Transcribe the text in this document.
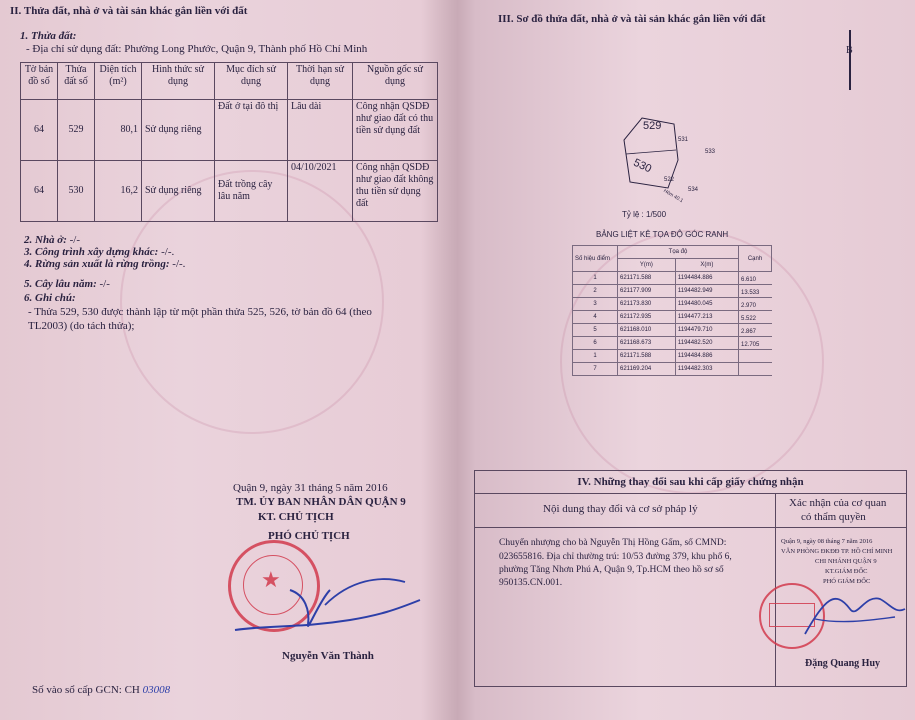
II. Thửa đất, nhà ở và tài sản khác gắn liền với đất
1. Thửa đất:
- Địa chỉ sử dụng đất: Phường Long Phước, Quận 9, Thành phố Hồ Chí Minh
Tờ bản đồ số	Thửa đất số	Diện tích (m²)	Hình thức sử dụng	Mục đích sử dụng	Thời hạn sử dụng	Nguồn gốc sử dụng
64	529	80,1	Sử dụng riêng	Đất ở tại đô thị	Lâu dài	Công nhận QSDĐ như giao đất có thu tiền sử dụng đất
64	530	16,2	Sử dụng riêng	Đất trồng cây lâu năm	04/10/2021	Công nhận QSDĐ như giao đất không thu tiền sử dụng đất
2. Nhà ở: -/-
3. Công trình xây dựng khác: -/-.
4. Rừng sản xuất là rừng trồng: -/-.
5. Cây lâu năm: -/-
6. Ghi chú:
- Thửa 529, 530 được thành lập từ một phần thửa 525, 526, tờ bản đồ 64 (theo
TL2003) (do tách thửa);
Quận 9, ngày 31 tháng 5 năm 2016
TM. ỦY BAN NHÂN DÂN QUẬN 9
KT. CHỦ TỊCH
PHÓ CHỦ TỊCH
★
Nguyễn Văn Thành
Số vào sổ cấp GCN: CH 03008
III. Sơ đồ thửa đất, nhà ở và tài sản khác gắn liền với đất
B
529
530
531
533
522
534
Hẻm 40.1
Tỷ lệ : 1/500
BẢNG LIỆT KÊ TỌA ĐỘ GÓC RANH
Số hiệu điểm	Tọa độ		Cạnh
	Y(m)	X(m)	
1	621171.588	1194484.886	6.610
2	621177.909	1194482.949	13.533
3	621173.830	1194480.045	2.970
4	621172.935	1194477.213	5.522
5	621168.010	1194479.710	2.867
6	621168.673	1194482.520	12.705
1	621171.588	1194484.886	
7	621169.204	1194482.303	
IV. Những thay đổi sau khi cấp giấy chứng nhận
Nội dung thay đổi và cơ sở pháp lý	Xác nhận của cơ quan
có thẩm quyền
Chuyển nhượng cho bà Nguyễn Thị Hồng Gấm, số CMND:
023655816. Địa chỉ thường trú: 10/53 đường 379, khu phố 6,
phường Tăng Nhơn Phú A, Quận 9, Tp.HCM theo hồ sơ số
950135.CN.001.
Quận 9, ngày 08 tháng 7 năm 2016
VĂN PHÒNG ĐKĐĐ TP. HỒ CHÍ MINH
CHI NHÁNH QUẬN 9
KT.GIÁM ĐỐC
PHÓ GIÁM ĐỐC
Đặng Quang Huy
